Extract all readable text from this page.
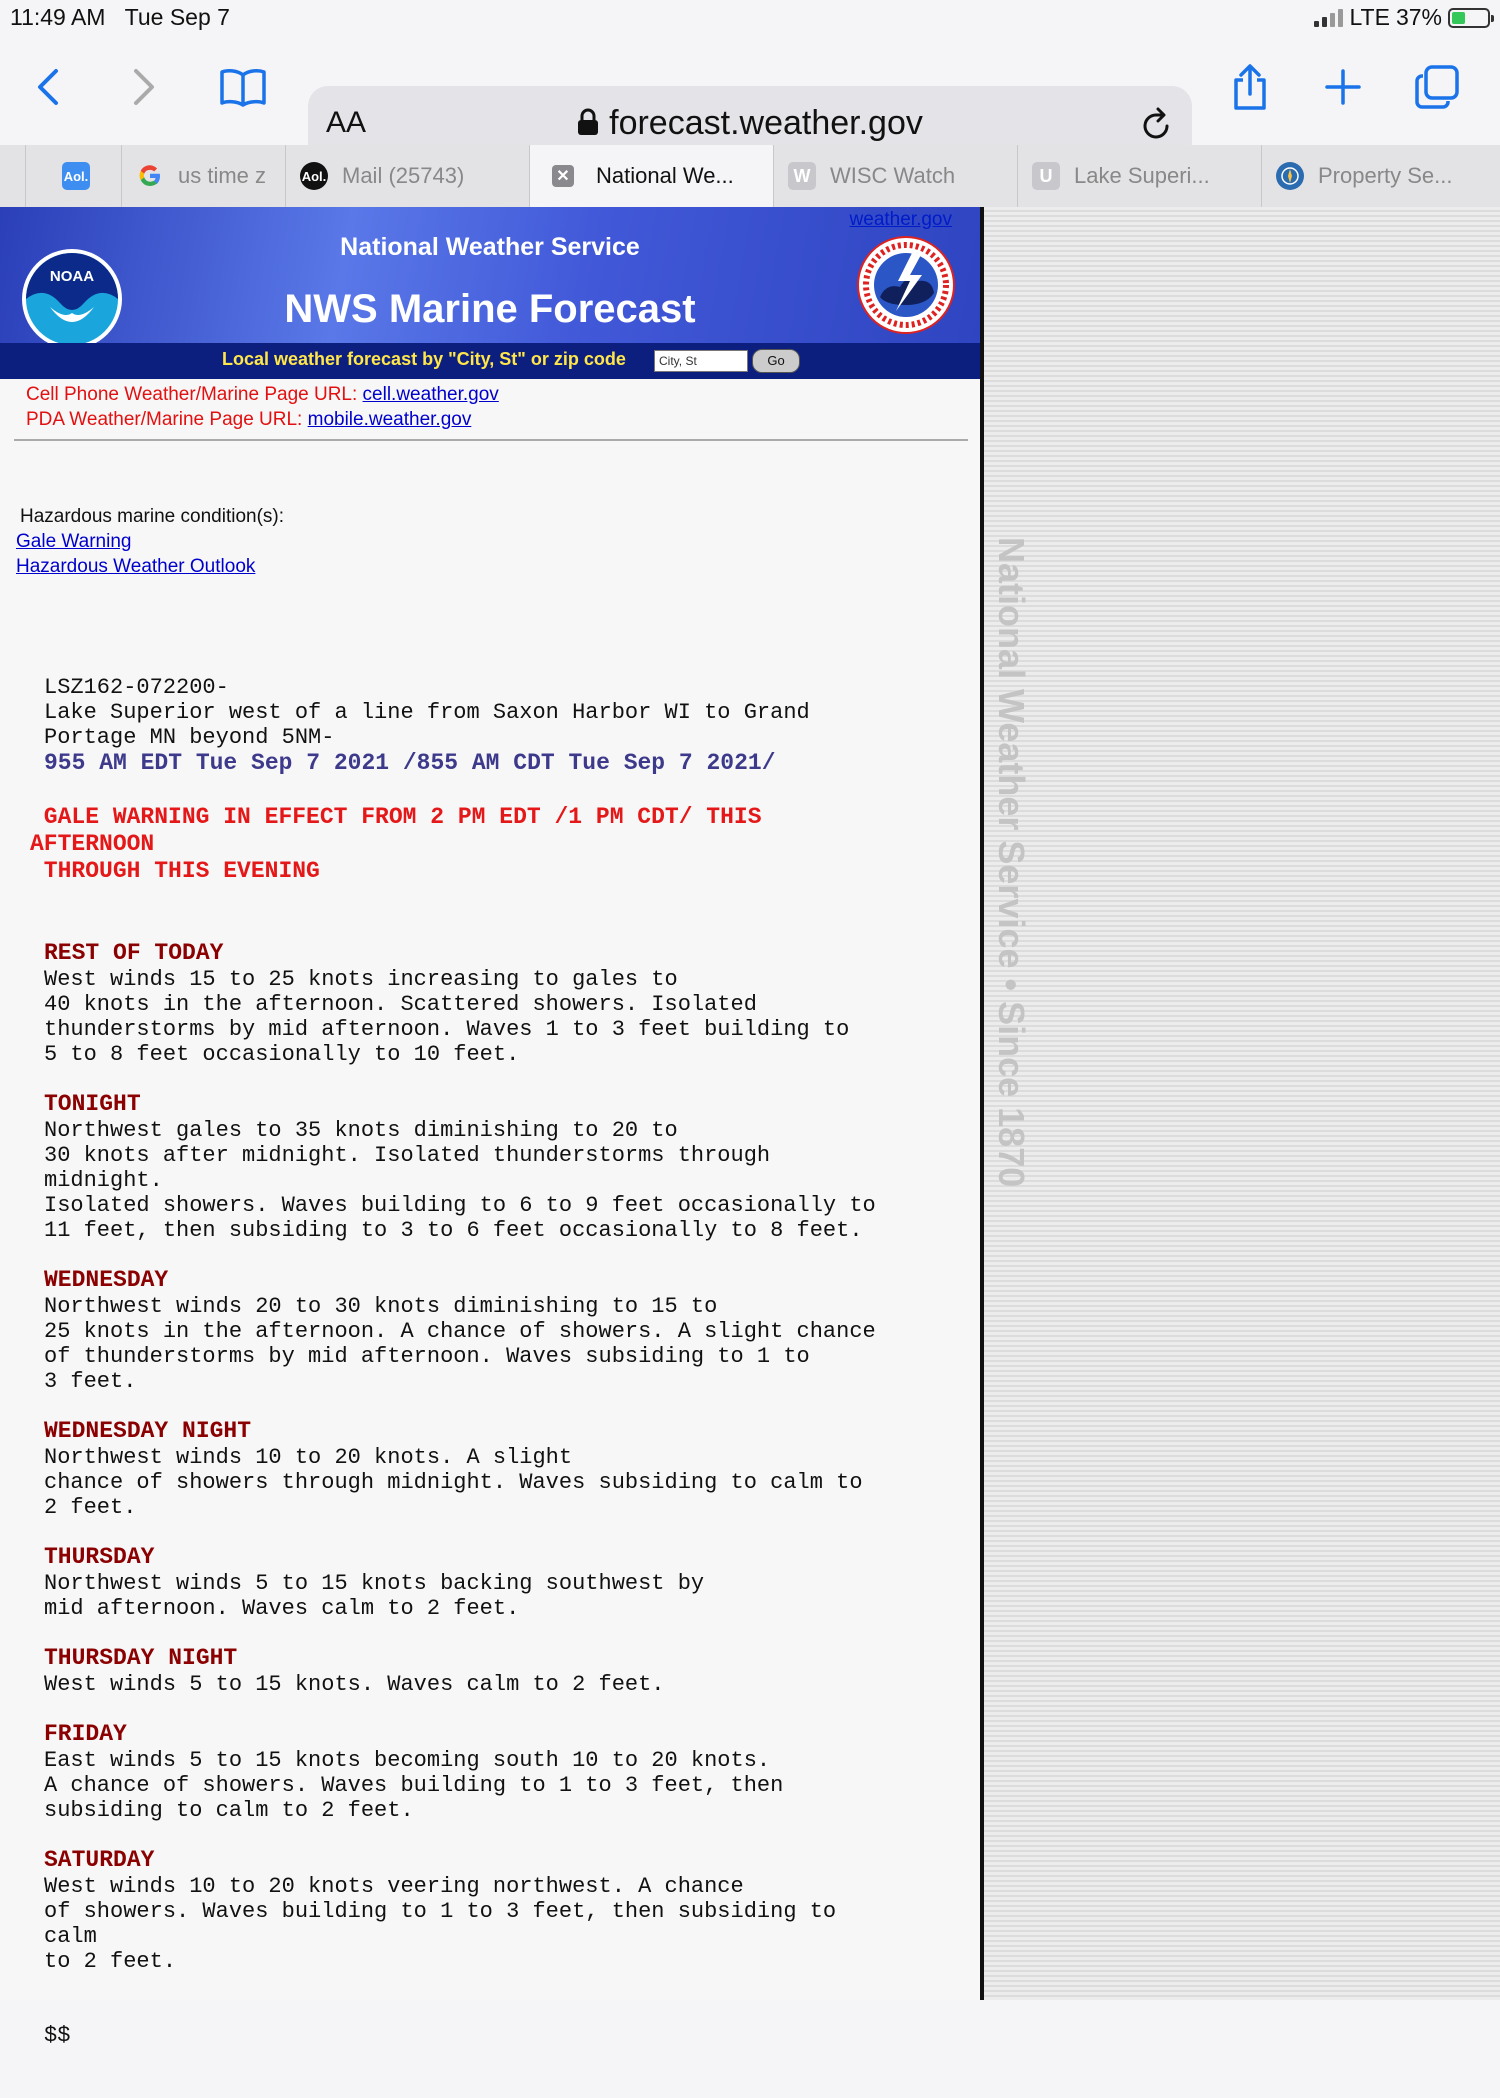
11:49 AM Tue Sep 7	LTE 37%
AA	forecast.weather.gov
Aol.	us time z	Aol. Mail (25743)	✕ National We...	W WISC Watch	U Lake Superi...	Property Se...
weather.gov
NOAA
National Weather Service
NWS Marine Forecast
Local weather forecast by "City, St" or zip code	City, St	Go
Cell Phone Weather/Marine Page URL: cell.weather.gov
PDA Weather/Marine Page URL: mobile.weather.gov
Hazardous marine condition(s):
Gale Warning
Hazardous Weather Outlook

LSZ162-072200-
Lake Superior west of a line from Saxon Harbor WI to Grand
Portage MN beyond 5NM-
955 AM EDT Tue Sep 7 2021 /855 AM CDT Tue Sep 7 2021/

GALE WARNING IN EFFECT FROM 2 PM EDT /1 PM CDT/ THIS
AFTERNOON
THROUGH THIS EVENING

REST OF TODAY
West winds 15 to 25 knots increasing to gales to
40 knots in the afternoon. Scattered showers. Isolated
thunderstorms by mid afternoon. Waves 1 to 3 feet building to
5 to 8 feet occasionally to 10 feet.
TONIGHT
Northwest gales to 35 knots diminishing to 20 to
30 knots after midnight. Isolated thunderstorms through
midnight.
Isolated showers. Waves building to 6 to 9 feet occasionally to
11 feet, then subsiding to 3 to 6 feet occasionally to 8 feet.
WEDNESDAY
Northwest winds 20 to 30 knots diminishing to 15 to
25 knots in the afternoon. A chance of showers. A slight chance
of thunderstorms by mid afternoon. Waves subsiding to 1 to
3 feet.
WEDNESDAY NIGHT
Northwest winds 10 to 20 knots. A slight
chance of showers through midnight. Waves subsiding to calm to
2 feet.
THURSDAY
Northwest winds 5 to 15 knots backing southwest by
mid afternoon. Waves calm to 2 feet.
THURSDAY NIGHT
West winds 5 to 15 knots. Waves calm to 2 feet.
FRIDAY
East winds 5 to 15 knots becoming south 10 to 20 knots.
A chance of showers. Waves building to 1 to 3 feet, then
subsiding to calm to 2 feet.
SATURDAY
West winds 10 to 20 knots veering northwest. A chance
of showers. Waves building to 1 to 3 feet, then subsiding to
calm
to 2 feet.

$$

National Weather Service • Since 1870
